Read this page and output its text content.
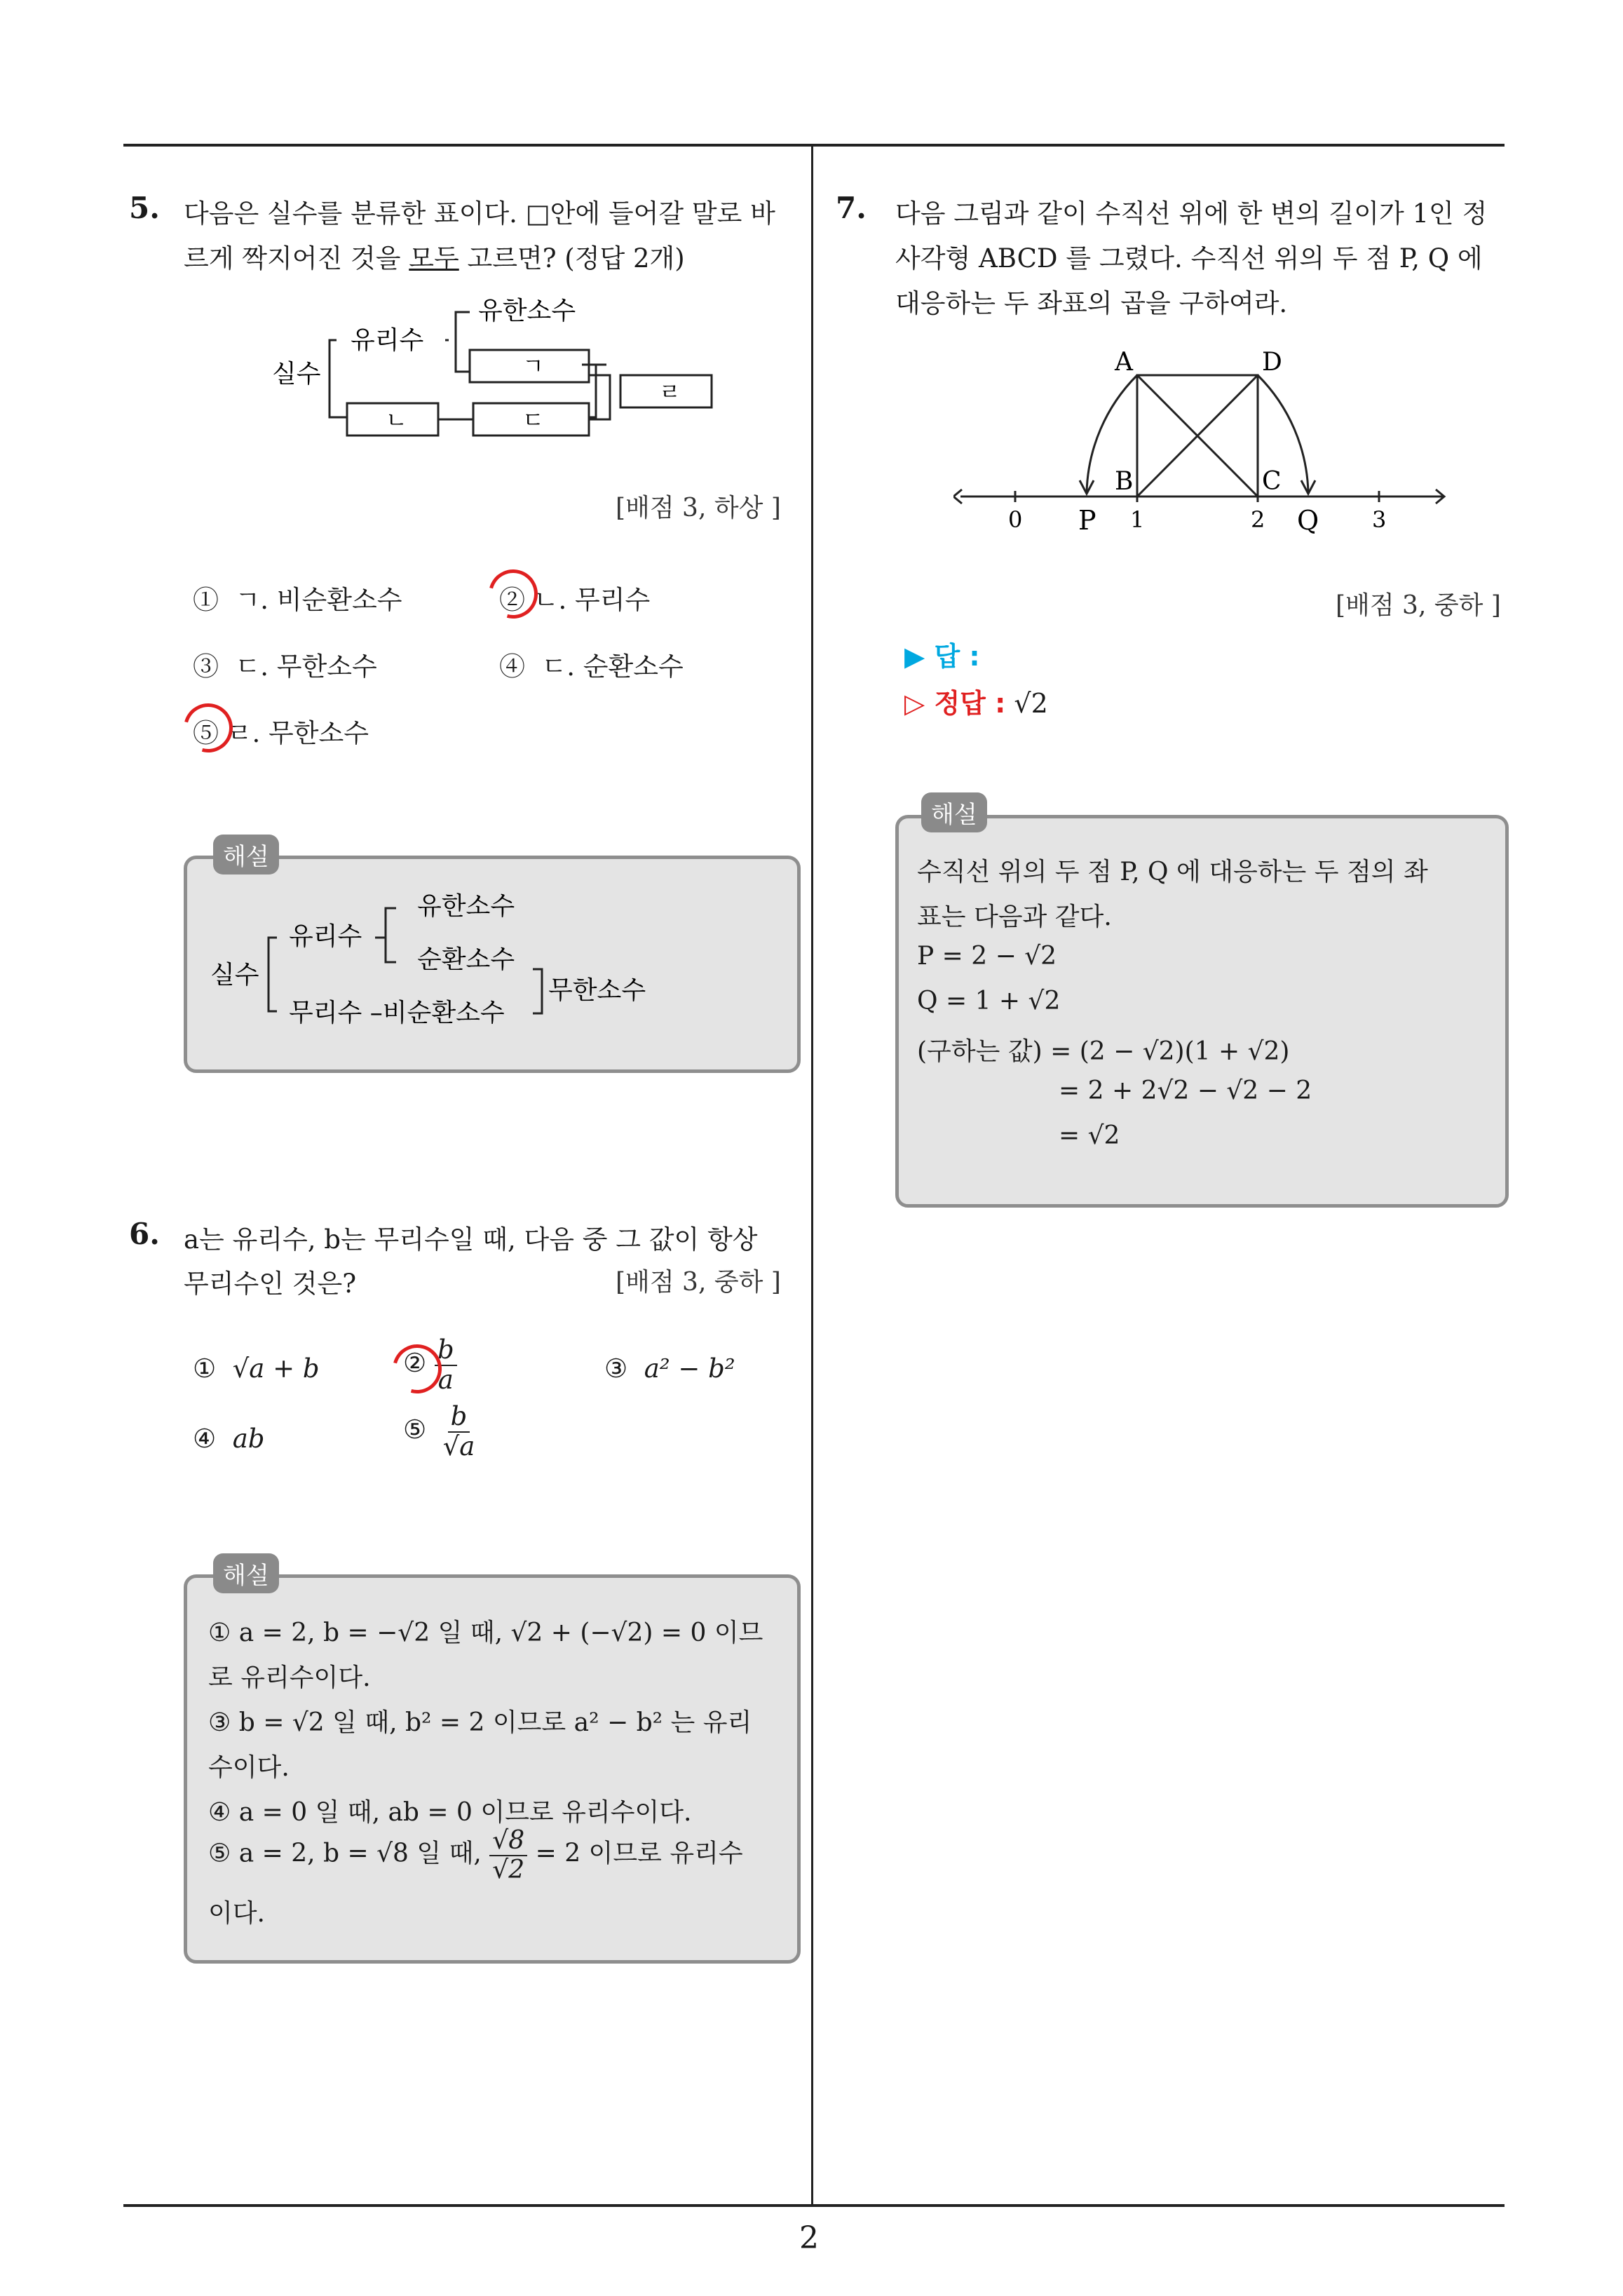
2
5. 다음은 실수를 분류한 표이다. □안에 들어갈 말로 바
르게 짝지어진 것을 모두 고르면? (정답 2개)
실수
유리수
유한소수
ㄱ
ㄴ	ㄷ
ㄹ
[배점 3, 하상 ]
① ㄱ. 비순환소수	② ㄴ. 무리수
③ ㄷ. 무한소수	④ ㄷ. 순환소수
⑤ ㄹ. 무한소수
해설
실수
유리수
유한소수
순환소수
무리수 –비순환소수
무한소수
6. a는 유리수, b는 무리수일 때, 다음 중 그 값이 항상
무리수인 것은?	[배점 3, 중하 ]
① √a + b	② $\frac{b}{a}$	③ a² − b²
④ ab	⑤ $\frac{b}{√a}$
해설
① a = 2, b = −√2 일 때, √2 + (−√2) = 0 이므
로 유리수이다.
③ b = √2 일 때, b² = 2 이므로 a² − b² 는 유리
수이다.
④ a = 0 일 때, ab = 0 이므로 유리수이다.
⑤ a = 2, b = √8 일 때, $\frac{√8}{√2} = 2$ 이므로 유리수
이다.
7. 다음 그림과 같이 수직선 위에 한 변의 길이가 1인 정
사각형 ABCD 를 그렸다. 수직선 위의 두 점 P, Q 에
대응하는 두 좌표의 곱을 구하여라.
A	D
B	C
0 P 1	2 Q 3
[배점 3, 중하 ]
▶ 답 :
▷ 정답 : √2
해설
수직선 위의 두 점 P, Q 에 대응하는 두 점의 좌
표는 다음과 같다.
P = 2 − √2
Q = 1 + √2
(구하는 값) = (2 − √2)(1 + √2)
= 2 + 2√2 − √2 − 2
= √2
